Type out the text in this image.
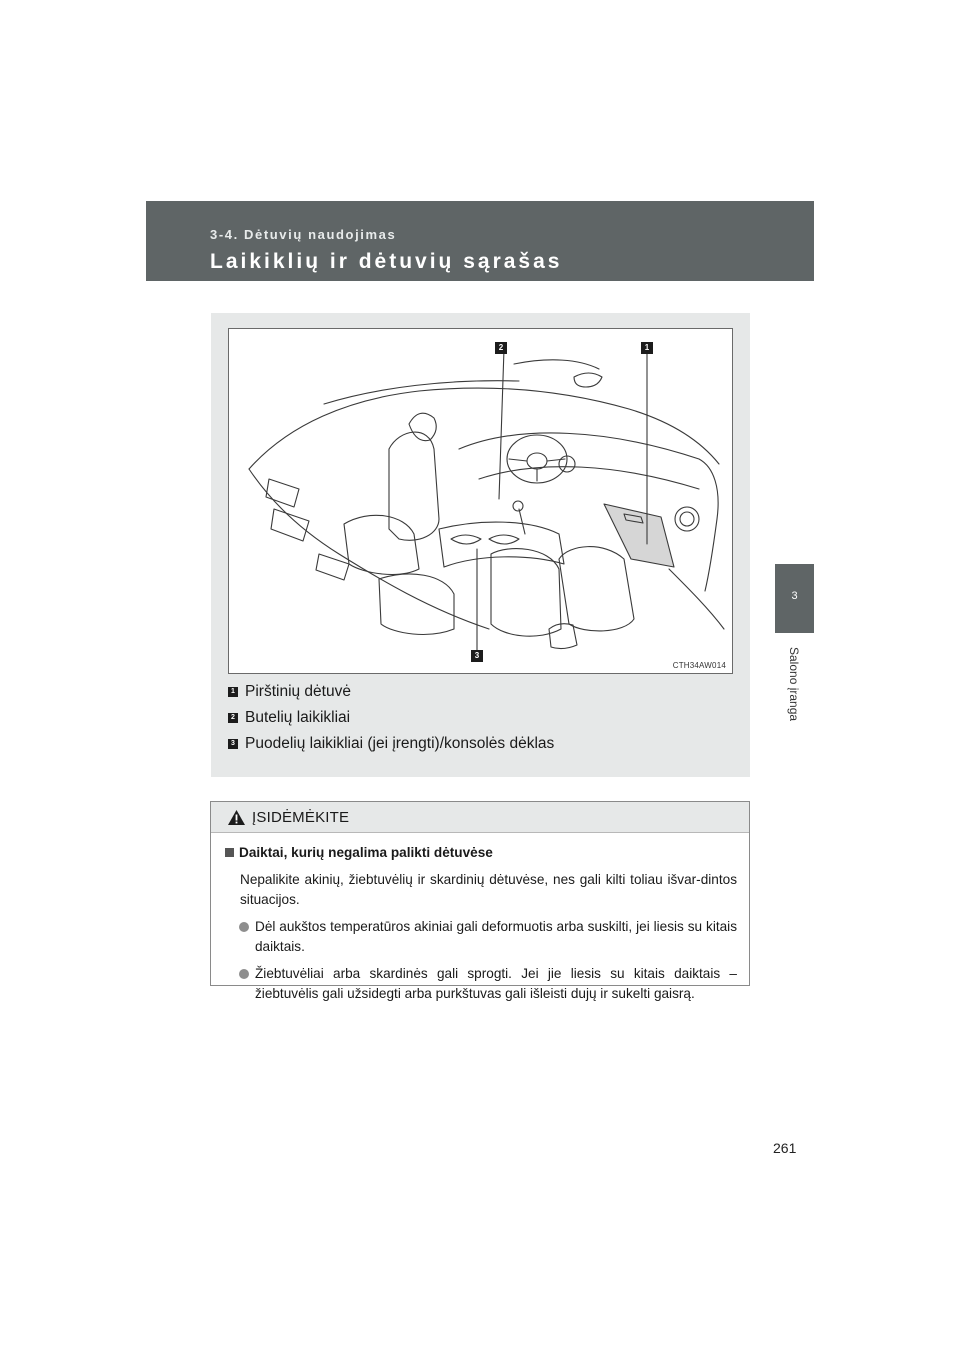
3-4. Dėtuvių naudojimas
Laikiklių ir dėtuvių sąrašas
3
Salono įranga
1
2
3
CTH34AW014
1 Pirštinių dėtuvė
2 Butelių laikikliai
3 Puodelių laikikliai (jei įrengti)/konsolės dėklas
ĮSIDĖMĖKITE
Daiktai, kurių negalima palikti dėtuvėse
Nepalikite akinių, žiebtuvėlių ir skardinių dėtuvėse, nes gali kilti toliau išvar-dintos situacijos.
Dėl aukštos temperatūros akiniai gali deformuotis arba suskilti, jei liesis su kitais daiktais.
Žiebtuvėliai arba skardinės gali sprogti. Jei jie liesis su kitais daiktais – žiebtuvėlis gali užsidegti arba purkštuvas gali išleisti dujų ir sukelti gaisrą.
261
